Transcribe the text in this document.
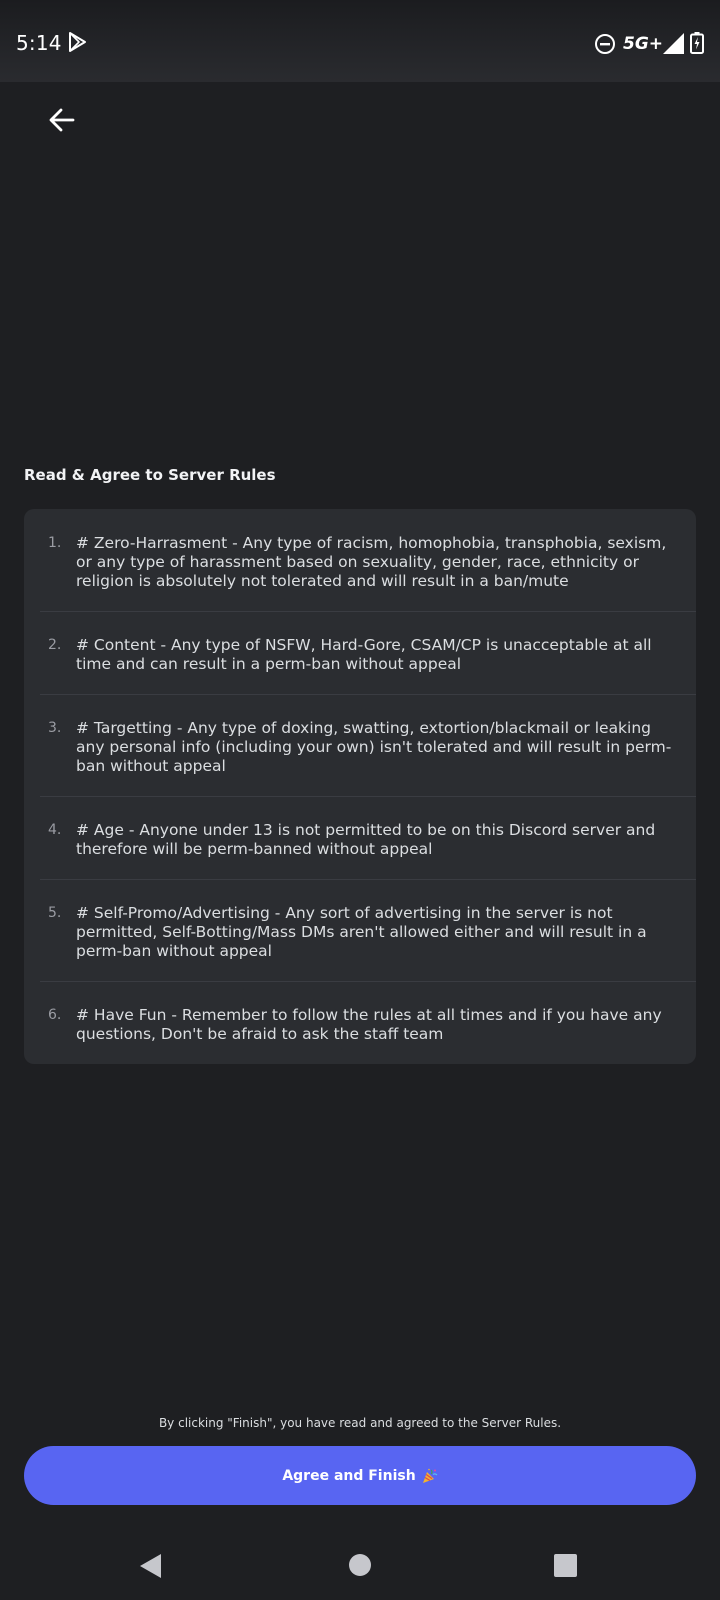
5:14	5G+
Read & Agree to Server Rules
1. # Zero-Harrasment - Any type of racism, homophobia, transphobia, sexism, or any type of harassment based on sexuality, gender, race, ethnicity or religion is absolutely not tolerated and will result in a ban/mute
2. # Content - Any type of NSFW, Hard-Gore, CSAM/CP is unacceptable at all time and can result in a perm-ban without appeal
3. # Targetting - Any type of doxing, swatting, extortion/blackmail or leaking any personal info (including your own) isn't tolerated and will result in perm-ban without appeal
4. # Age - Anyone under 13 is not permitted to be on this Discord server and therefore will be perm-banned without appeal
5. # Self-Promo/Advertising - Any sort of advertising in the server is not permitted, Self-Botting/Mass DMs aren't allowed either and will result in a perm-ban without appeal
6. # Have Fun - Remember to follow the rules at all times and if you have any questions, Don't be afraid to ask the staff team
By clicking "Finish", you have read and agreed to the Server Rules.
Agree and Finish
